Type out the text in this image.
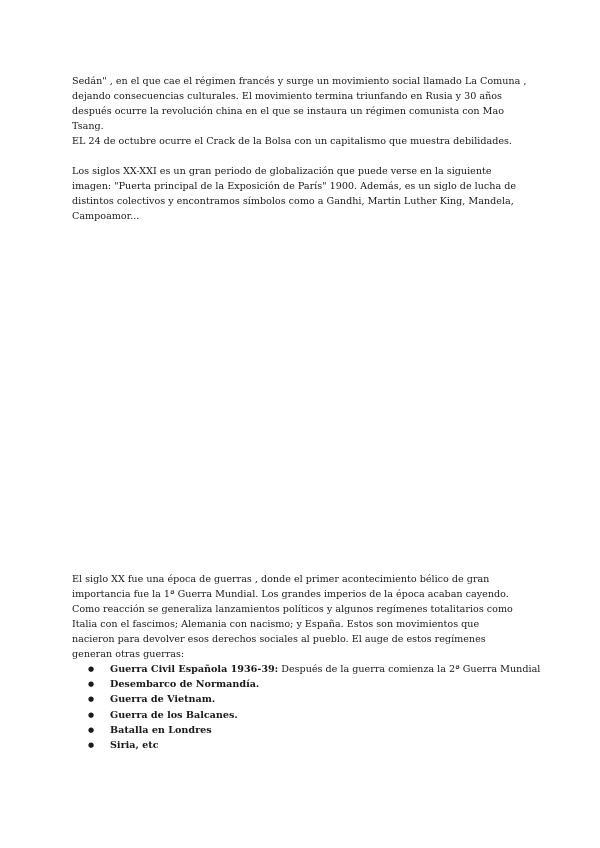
Sedán" , en el que cae el régimen francés y surge un movimiento social llamado La Comuna ,

dejando consecuencias culturales. El movimiento termina triunfando en Rusia y 30 años

después ocurre la revolución china en el que se instaura un régimen comunista con Mao

Tsang.

EL 24 de octubre ocurre el Crack de la Bolsa con un capitalismo que muestra debilidades.

Los siglos XX-XXI es un gran periodo de globalización que puede verse en la siguiente

imagen: "Puerta principal de la Exposición de París" 1900. Además, es un siglo de lucha de

distintos colectivos y encontramos símbolos como a Gandhi, Martin Luther King, Mandela,

Campoamor...

El siglo XX fue una época de guerras , donde el primer acontecimiento bélico de gran

importancia fue la 1ª Guerra Mundial. Los grandes imperios de la época acaban cayendo.

Como reacción se generaliza lanzamientos políticos y algunos regímenes totalitarios como

Italia con el fascimos; Alemania con nacismo; y España. Estos son movimientos que

nacieron para devolver esos derechos sociales al pueblo. El auge de estos regímenes

generan otras guerras:

● Guerra Civil Española 1936-39: Después de la guerra comienza la 2ª Guerra Mundial
● Desembarco de Normandía.
● Guerra de Vietnam.
● Guerra de los Balcanes.
● Batalla en Londres
● Siria, etc
